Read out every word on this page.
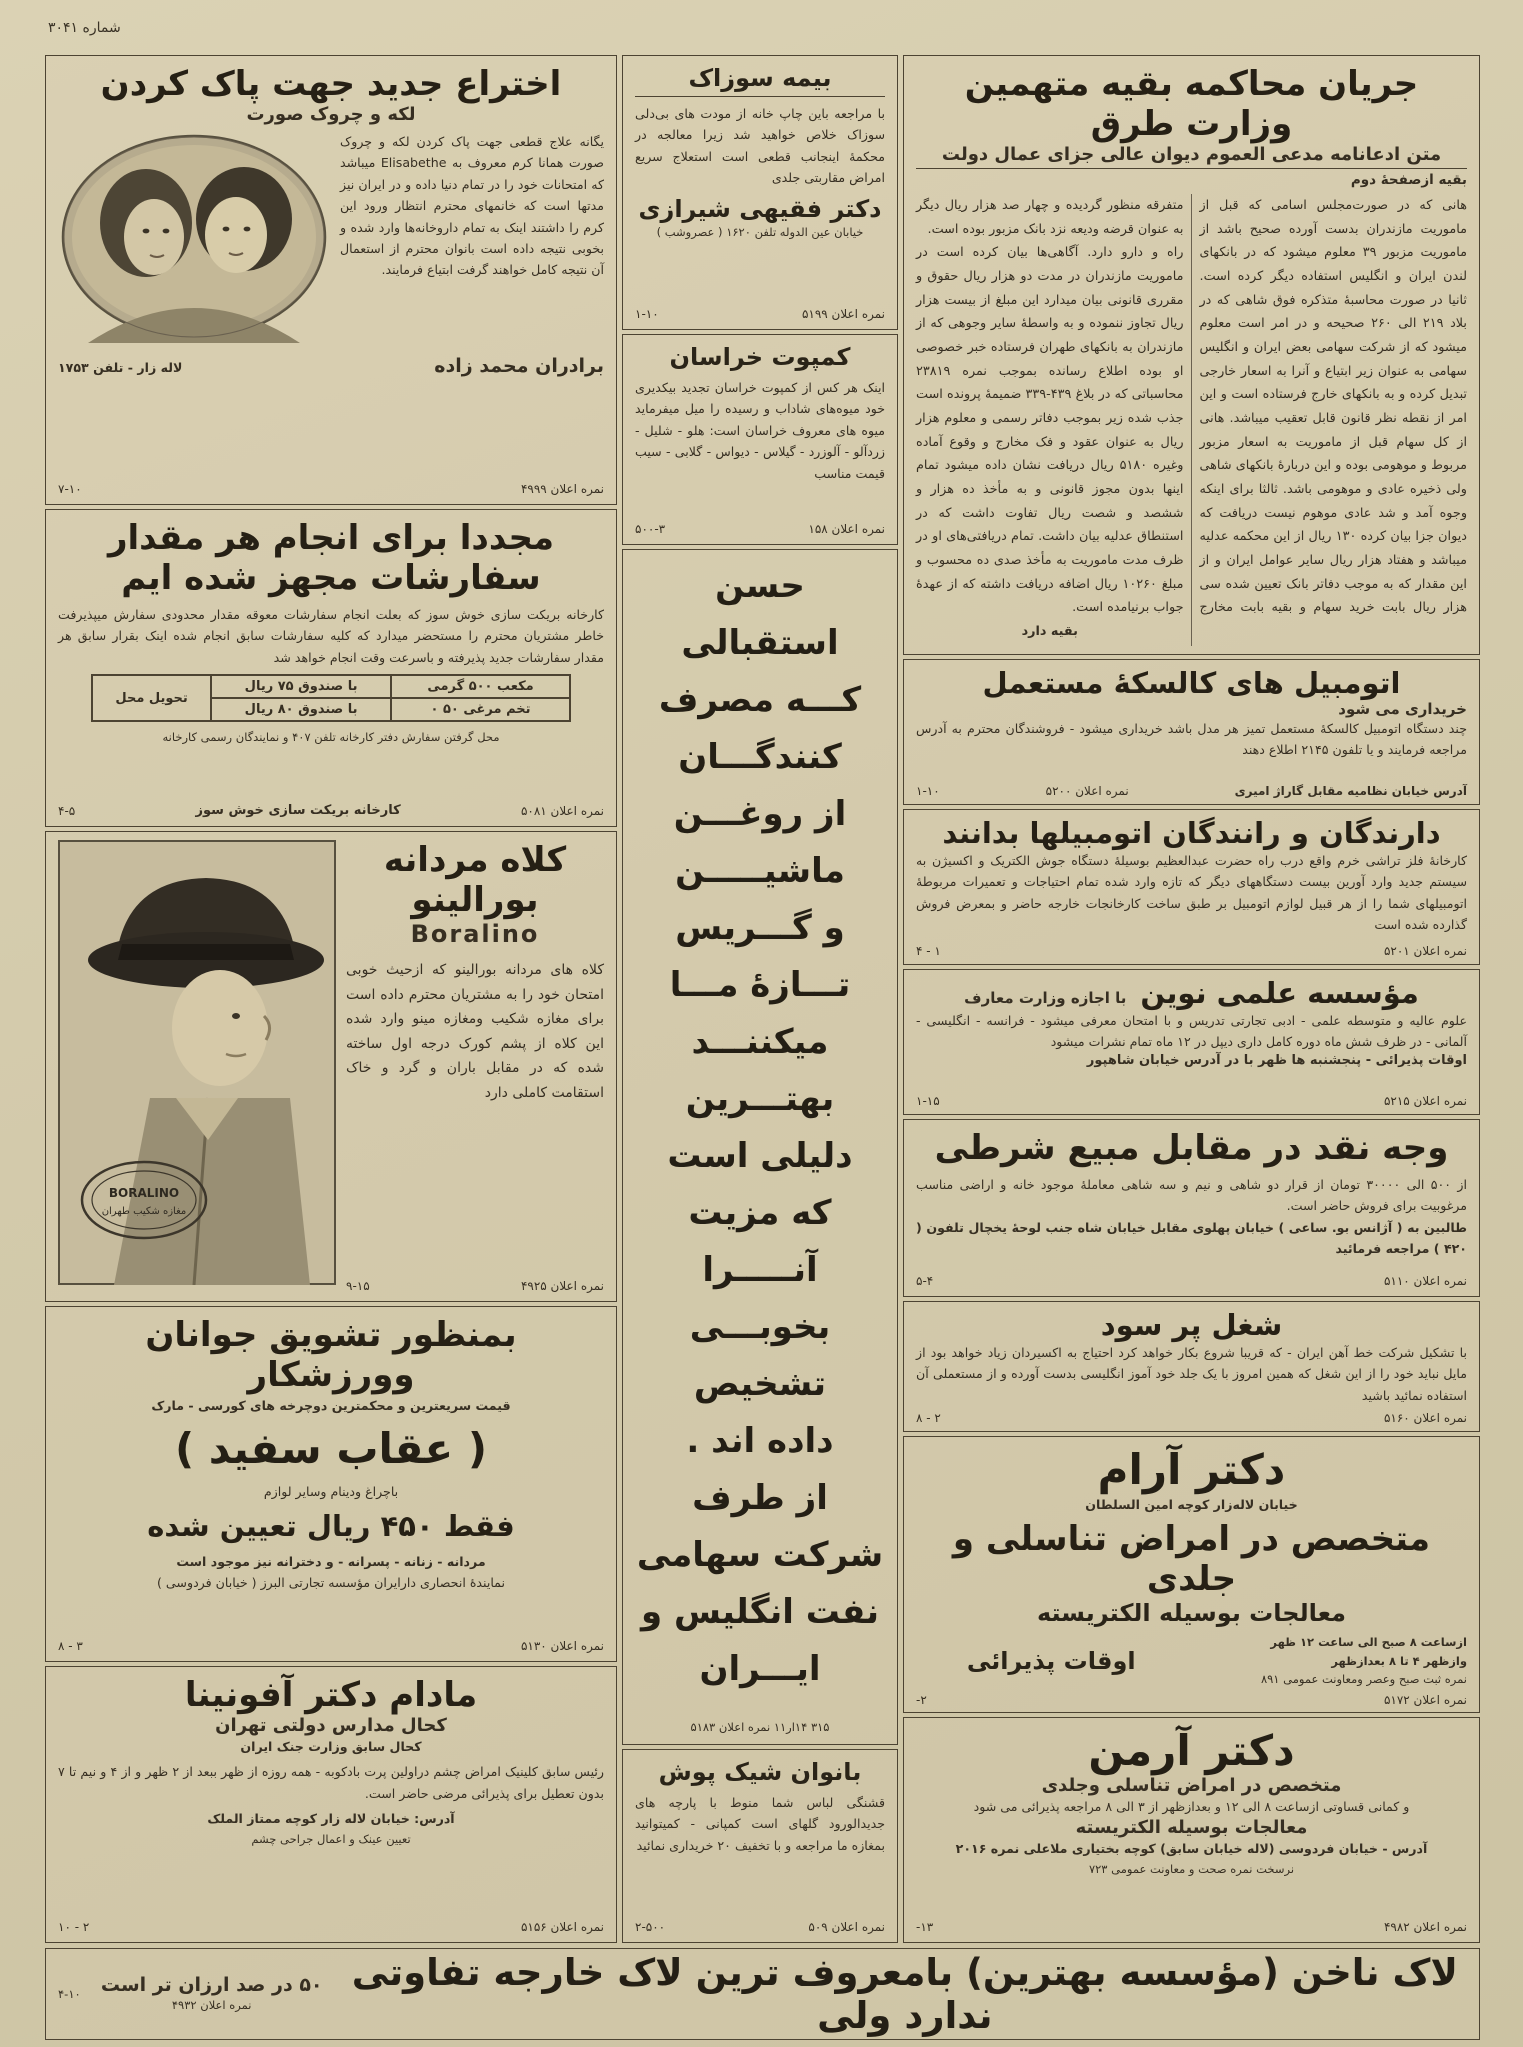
شماره ۳۰۴۱
جریان محاکمه بقیه متهمین وزارت طرق
متن ادعانامه مدعی العموم دیوان عالی جزای عمال دولت
بقیه ازصفحهٔ دوم

هانی که در صورت‌مجلس اسامی که قبل از ماموریت مازندران بدست آورده صحیح باشد از ماموریت مزبور ۳۹ معلوم میشود که در بانکهای لندن ایران و انگلیس استفاده دیگر کرده است. ثانیا در صورت محاسبهٔ متذکره فوق شاهی که در بلاد ۲۱۹ الی ۲۶۰ صحیحه و در امر است معلوم میشود که از شرکت سهامی بعض ایران و انگلیس سهامی به عنوان زیر ابتیاع و آنرا به اسعار خارجی تبدیل کرده و به بانکهای خارج فرستاده است و این امر از نقطه نظر قانون قابل تعقیب میباشد. هانی از کل سهام قبل از ماموریت به اسعار مزبور مربوط و موهومی بوده و این دربارهٔ بانکهای شاهی ولی ذخیره عادی و موهومی باشد. ثالثا برای اینکه وجوه آمد و شد عادی موهوم نیست دریافت که دیوان جزا بیان کرده ۱۳۰ ریال از این محکمه عدلیه میباشد و هفتاد هزار ریال سایر عوامل ایران و از این مقدار که به موجب دفاتر بانک تعیین شده سی هزار ریال بابت خرید سهام و بقیه بابت مخارج متفرقه منظور گردیده و چهار صد هزار ریال دیگر به عنوان قرضه ودیعه نزد بانک مزبور بوده است.

راه و دارو دارد. آگاهی‌ها بیان کرده است در ماموریت مازندران در مدت دو هزار ریال حقوق و مقرری قانونی بیان میدارد این مبلغ از بیست هزار ریال تجاوز ننموده و به واسطهٔ سایر وجوهی که از مازندران به بانکهای طهران فرستاده خبر خصوصی او بوده اطلاع رسانده بموجب نمره ۲۳۸۱۹ محاسباتی که در بلاغ ۴۳۹-۳۳۹ ضمیمهٔ پرونده است جذب شده زیر بموجب دفاتر رسمی و معلوم هزار ریال به عنوان عقود و فک مخارج و وقوع آماده وغیره ۵۱۸۰ ریال دریافت نشان داده میشود تمام اینها بدون مجوز قانونی و به مأخذ ده هزار و ششصد و شصت ریال تفاوت داشت که در استنطاق عدلیه بیان داشت. تمام دریافتی‌های او در ظرف مدت ماموریت به مأخذ صدی ده محسوب و مبلغ ۱۰۲۶۰ ریال اضافه دریافت داشته که از عهدهٔ جواب برنیامده است.

بقیه دارد

اتومبیل های کالسکهٔ مستعمل
خریداری می شود
چند دستگاه اتومبیل کالسکهٔ مستعمل تمیز هر مدل باشد خریداری میشود - فروشندگان محترم به آدرس مراجعه فرمایند و یا تلفون ۲۱۴۵ اطلاع دهند
آدرس خیابان نظامیه مقابل گاراژ امیری
نمره اعلان ۵۲۰۰
۱-۱۰
دارندگان و رانندگان اتومبیلها بدانند
کارخانهٔ فلز تراشی خرم واقع درب راه حضرت عبدالعظیم بوسیلهٔ دستگاه جوش الکتریک و اکسیژن به سیستم جدید وارد آورین بیست دستگاههای دیگر که تازه وارد شده تمام احتیاجات و تعمیرات مربوطهٔ اتومبیلهای شما را از هر قبیل لوازم اتومبیل بر طبق ساخت کارخانجات خارجه حاضر و بمعرض فروش گذارده شده است
نمره اعلان ۵۲۰۱
۱ - ۴
مؤسسه علمی نوین
با اجازه وزارت معارف
علوم عالیه و متوسطه علمی - ادبی تجارتی تدریس و با امتحان معرفی میشود - فرانسه - انگلیسی - آلمانی - در ظرف شش ماه دوره کامل داری دیپل در ۱۲ ماه تمام نشرات میشود
اوقات پذیرائی - پنجشنبه ها ظهر با در آدرس خیابان شاهپور
نمره اعلان ۵۲۱۵
۱-۱۵
وجه نقد در مقابل مبیع شرطی
از ۵۰۰ الی ۳۰۰۰۰ تومان از قرار دو شاهی و نیم و سه شاهی معاملهٔ موجود خانه و اراضی مناسب مرغوبیت برای فروش حاضر است.
طالبین به ( آژانس بو. ساعی ) خیابان پهلوی مقابل خیابان شاه جنب لوحهٔ یخچال تلفون ( ۴۲۰ ) مراجعه فرمائید
نمره اعلان ۵۱۱۰
۵-۴
شغل پر سود
با تشکیل شرکت خط آهن ایران - که قریبا شروع بکار خواهد کرد احتیاج به اکسیردان زیاد خواهد بود از مایل نباید خود را از این شغل که همین امروز با یک جلد خود آموز انگلیسی بدست آورده و از مستعملی آن استفاده نمائید باشید
نمره اعلان ۵۱۶۰
۲ - ۸
دکتر آرام
خیابان لاله‌زار کوچه امین السلطان
متخصص در امراض تناسلی و جلدی
معالجات بوسیله الکتریسته
ازساعت ۸ صبح الی ساعت ۱۲ ظهر
وازظهر ۴ تا ۸ بعدازظهر
نمره ثبت صبح وعصر ومعاونت عمومی ۸۹۱
اوقات پذیرائی
نمره اعلان ۵۱۷۲
۲-
دکتر آرمن
متخصص در امراض تناسلی وجلدی
و کمانی قساوتی ازساعت ۸ الی ۱۲ و بعدازظهر از ۳ الی ۸ مراجعه پذیرائی می شود
معالجات بوسیله الکتریسته
آدرس - خیابان فردوسی (لاله خیابان سابق) کوچه بختیاری ملاعلی نمره ۲۰۱۶
نرسخت نمره صحت و معاونت عمومی ۷۲۳
نمره اعلان ۴۹۸۲
۱۳-
بیمه سوزاک
با مراجعه باین چاپ خانه از مودت های بی‌دلی سوزاک خلاص خواهید شد زیرا معالجه در محکمهٔ اینجانب قطعی است استعلاج سریع امراض مقاربتی جلدی
دکتر فقیهی شیرازی
خیابان عین الدوله تلفن ۱۶۲۰ ( عصروشب )
نمره اعلان ۵۱۹۹
۱-۱۰
کمپوت خراسان
اینک هر کس از کمپوت خراسان تجدید بیکدیری خود میوه‌های شاداب و رسیده را میل میفرماید میوه های معروف خراسان است: هلو - شلیل - زردآلو - آلوزرد - گیلاس - دیواس - گلابی - سیب قیمت مناسب
نمره اعلان ۱۵۸
۵۰۰-۳
حسن استقبالی
کـــه مصرف
کنندگـــان
از روغـــن
ماشیـــــن
و گـــریس
تـــازهٔ مـــا
میکننـــد
بهتـــرین
دلیلی است
که مزیت
آنـــــرا
بخوبـــی
تشخیص
داده اند .
از طرف
شرکت سهامی
نفت انگلیس و
ایـــران
۳۱۵ ۱۴ار۱۱ نمره اعلان ۵۱۸۳
بانوان شیک پوش
قشنگی لباس شما منوط با پارچه های جدیدالورود گلهای است کمپانی - کمیتوانید بمغازه ما مراجعه و با تخفیف ۲۰ خریداری نمائید
نمره اعلان ۵۰۹
۲-۵۰۰
اختراع جدید جهت پاک کردن
لکه و چروک صورت
یگانه علاج قطعی جهت پاک کردن لکه و چروک صورت همانا کرم معروف به Elisabethe میباشد که امتحانات خود را در تمام دنیا داده و در ایران نیز مدتها است که خانمهای محترم انتظار ورود این کرم را داشتند اینک به تمام داروخانه‌ها وارد شده و بخوبی نتیجه داده است بانوان محترم از استعمال آن نتیجه کامل خواهند گرفت ابتیاع فرمایند.
برادران محمد زاده
لاله زار - تلفن ۱۷۵۳
نمره اعلان ۴۹۹۹
۷-۱۰
مجددا برای انجام هر مقدار
سفارشات مجهز شده ایم
کارخانه بریکت سازی خوش سوز که بعلت انجام سفارشات معوقه مقدار محدودی سفارش میپذیرفت خاطر مشتریان محترم را مستحضر میدارد که کلیه سفارشات سابق انجام شده اینک بقرار سابق هر مقدار سفارشات جدید پذیرفته و باسرعت وقت انجام خواهد شد
مکعب ۵۰۰ گرمی
با صندوق ۷۵ ریال
تحویل محل
تخم مرغی ۵۰ ۰
با صندوق ۸۰ ریال
محل گرفتن سفارش دفتر کارخانه تلفن ۴۰۷ و نمایندگان رسمی کارخانه
نمره اعلان ۵۰۸۱
کارخانه بریکت سازی خوش سوز
۴-۵
کلاه مردانه
بورالینو
Boralino
کلاه های مردانه بورالینو که ازحیث خوبی امتحان خود را به مشتریان محترم داده است برای مغازه شکیب ومغازه مینو وارد شده این کلاه از پشم کورک درجه اول ساخته شده که در مقابل باران و گرد و خاک استقامت کاملی دارد
نمره اعلان ۴۹۲۵
۹-۱۵
BORALINO
مغازه شکیب طهران
بمنظور تشویق جوانان وورزشکار
قیمت سریعترین و محکمترین دوچرخه های کورسی - مارک
( عقاب سفید )
باچراغ ودینام وسایر لوازم
فقط ۴۵۰ ریال تعیین شده
مردانه - زنانه - پسرانه - و دخترانه نیز موجود است
نمایندهٔ انحصاری دارایران مؤسسه تجارتی البرز ( خیابان فردوسی )
نمره اعلان ۵۱۳۰
۳ - ۸
مادام دکتر آفونینا
کحال مدارس دولتی تهران
کحال سابق وزارت جنک ایران
رئیس سابق کلینیک امراض چشم دراولین پرت بادکوبه - همه روزه از ظهر ببعد از ۲ ظهر و از ۴ و نیم تا ۷ بدون تعطیل برای پذیرائی مرضی حاضر است.
آدرس: خیابان لاله زار کوچه ممتاز الملک
تعیین عینک و اعمال جراحی چشم
نمره اعلان ۵۱۵۶
۲ - ۱۰
لاک ناخن (مؤسسه بهترین) بامعروف ترین لاک خارجه تفاوتی ندارد ولی
۵۰ در صد ارزان تر است
نمره اعلان ۴۹۳۲
۴-۱۰
